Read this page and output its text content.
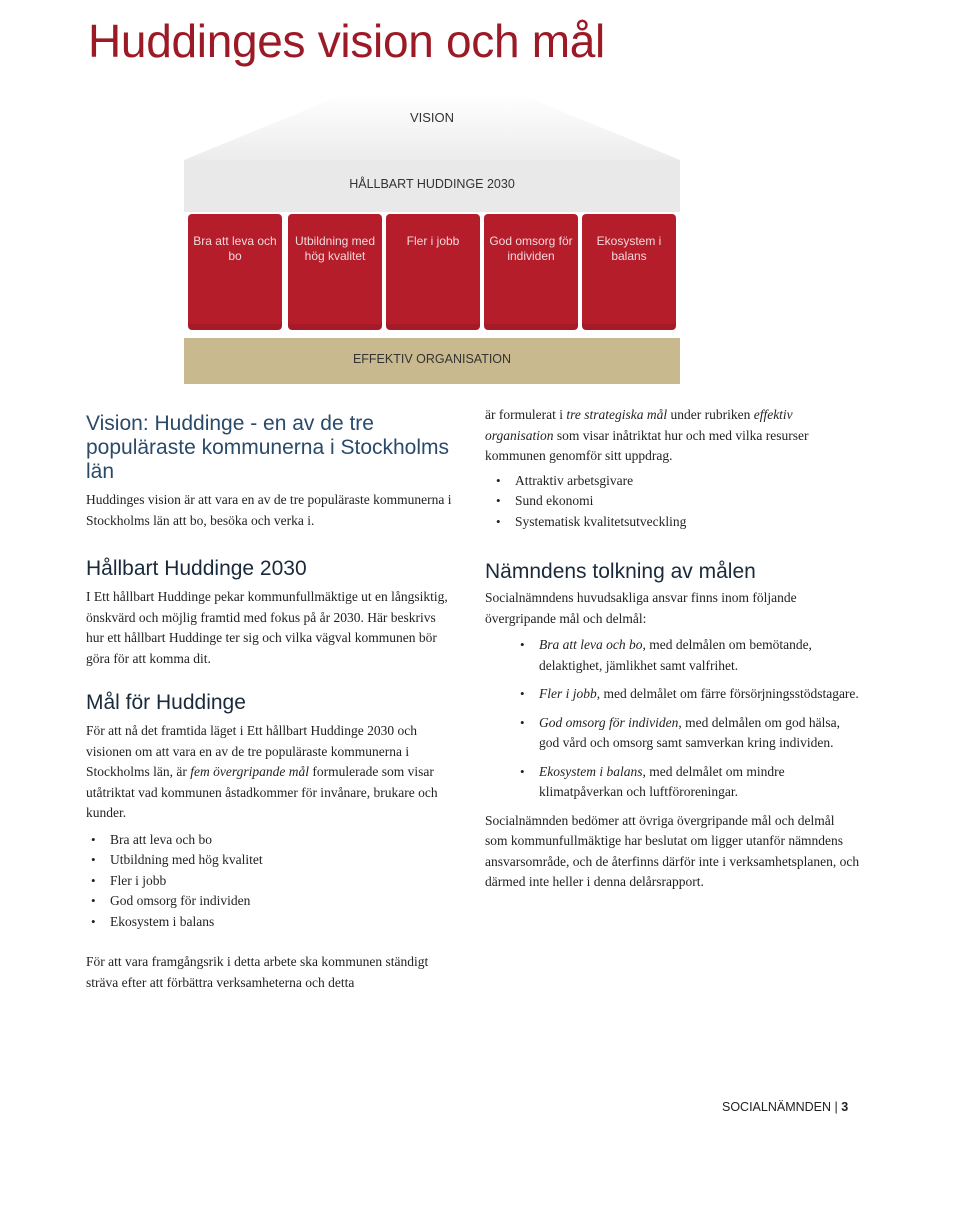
Huddinges vision och mål
VISION
HÅLLBART HUDDINGE 2030
Bra att leva och bo
Utbildning med hög kvalitet
Fler i jobb	God omsorg för individen
Ekosystem i balans
EFFEKTIV ORGANISATION
Vision: Huddinge - en av de tre populäraste kommunerna i Stockholms län

Huddinges vision är att vara en av de tre populäraste kommunerna i Stockholms län att bo, besöka och verka i.

Hållbart Huddinge 2030

I Ett hållbart Huddinge pekar kommunfullmäktige ut en långsiktig, önskvärd och möjlig framtid med fokus på år 2030. Här beskrivs hur ett hållbart Huddinge ter sig och vilka vägval kommunen bör göra för att komma dit.

Mål för Huddinge

För att nå det framtida läget i Ett hållbart Huddinge 2030 och visionen om att vara en av de tre populäraste kommunerna i Stockholms län, är fem övergripande mål formulerade som visar utåtriktat vad kommunen åstadkommer för invånare, brukare och kunder.

• Bra att leva och bo
• Utbildning med hög kvalitet
• Fler i jobb
• God omsorg för individen
• Ekosystem i balans

För att vara framgångsrik i detta arbete ska kommunen ständigt sträva efter att förbättra verksamheterna och detta

är formulerat i tre strategiska mål under rubriken effektiv organisation som visar inåtriktat hur och med vilka resurser kommunen genomför sitt uppdrag.

• Attraktiv arbetsgivare
• Sund ekonomi
• Systematisk kvalitetsutveckling
Nämndens tolkning av målen

Socialnämndens huvudsakliga ansvar finns inom följande övergripande mål och delmål:

• Bra att leva och bo, med delmålen om bemötande, delaktighet, jämlikhet samt valfrihet.
• Fler i jobb, med delmålet om färre försörjningsstödstagare.
• God omsorg för individen, med delmålen om god hälsa, god vård och omsorg samt samverkan kring individen.
• Ekosystem i balans, med delmålet om mindre klimatpåverkan och luftföroreningar.

Socialnämnden bedömer att övriga övergripande mål och delmål som kommunfullmäktige har beslutat om ligger utanför nämndens ansvarsområde, och de återfinns därför inte i verksamhetsplanen, och därmed inte heller i denna delårsrapport.

SOCIALNÄMNDEN | 3
